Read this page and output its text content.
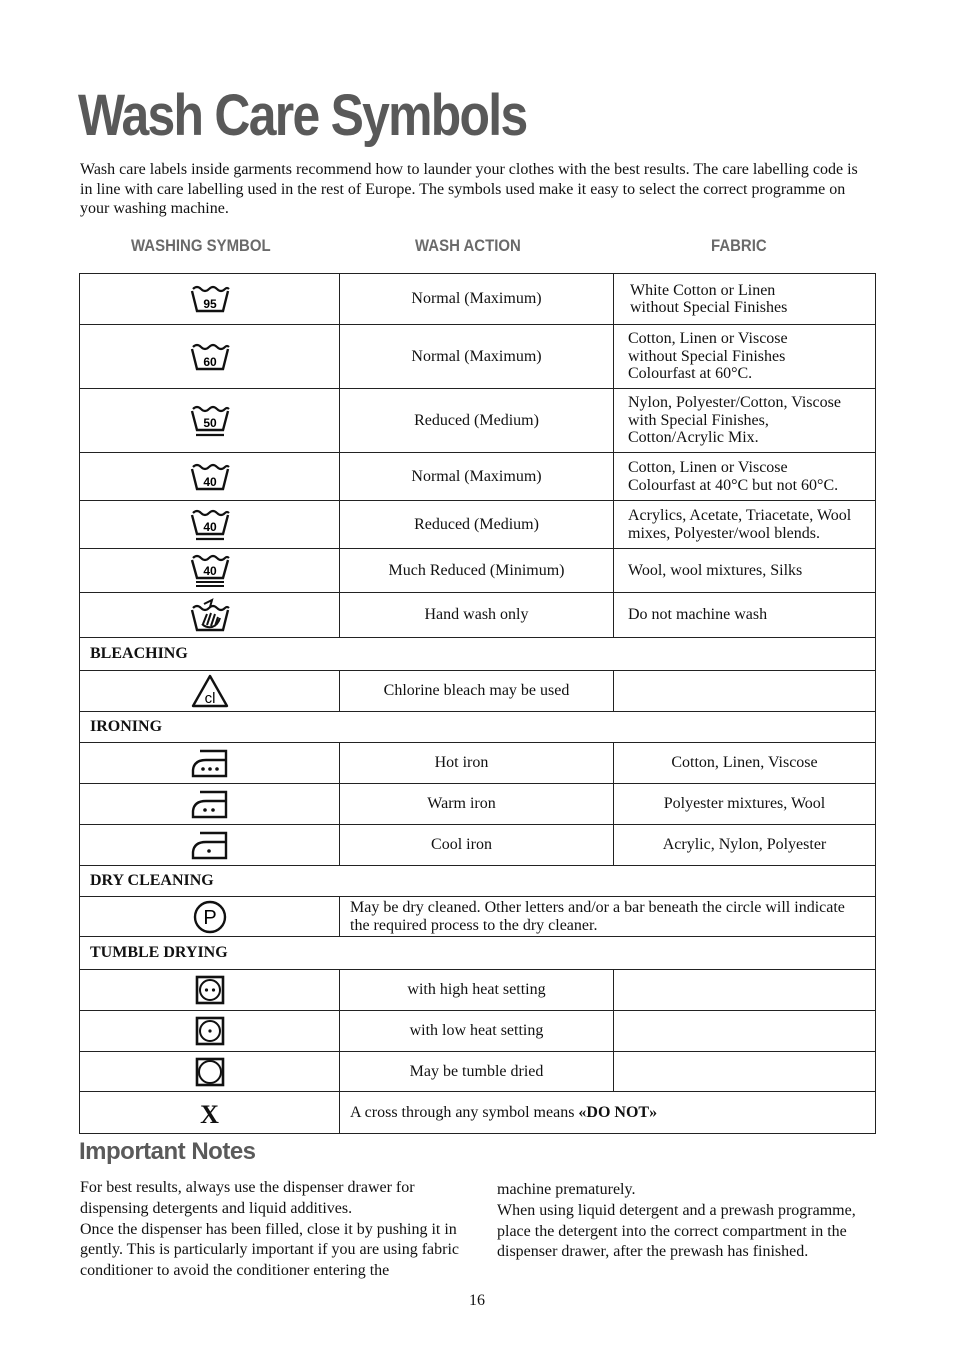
Wash Care Symbols

Wash care labels inside garments recommend how to launder your clothes with the best results. The care labelling code is in line with care labelling used in the rest of Europe. The symbols used make it easy to select the correct programme on your washing machine.

WASHING SYMBOL	WASH ACTION	FABRIC
95	Normal (Maximum)	White Cotton or Linen
without Special Finishes

60	Normal (Maximum)	Cotton, Linen or Viscose
without Special Finishes
Colourfast at 60°C.

50	Reduced (Medium)	Nylon, Polyester/Cotton, Viscose
with Special Finishes,
Cotton/Acrylic Mix.

40	Normal (Maximum)	Cotton, Linen or Viscose
Colourfast at 40°C but not 60°C.

40	Reduced (Medium)	Acrylics, Acetate, Triacetate, Wool
mixes, Polyester/wool blends.

40	Much Reduced (Minimum)	Wool, wool mixtures, Silks
	Hand wash only	Do not machine wash
BLEACHING		

cl	Chlorine bleach may be used	
IRONING		
	Hot iron	Cotton, Linen, Viscose
	Warm iron	Polyester mixtures, Wool
	Cool iron	Acrylic, Nylon, Polyester
DRY CLEANING		

P	May be dry cleaned. Other letters and/or a bar beneath the circle will indicate the required process to the dry cleaner.	
TUMBLE DRYING		
	with high heat setting	
	with low heat setting	
	May be tumble dried	
X	A cross through any symbol means «DO NOT»	
Important Notes

For best results, always use the dispenser drawer for dispensing detergents and liquid additives.

Once the dispenser has been filled, close it by pushing it in gently. This is particularly important if you are using fabric conditioner to avoid the conditioner entering the

machine prematurely.

When using liquid detergent and a prewash programme, place the detergent into the correct compartment in the dispenser drawer, after the prewash has finished.

16
